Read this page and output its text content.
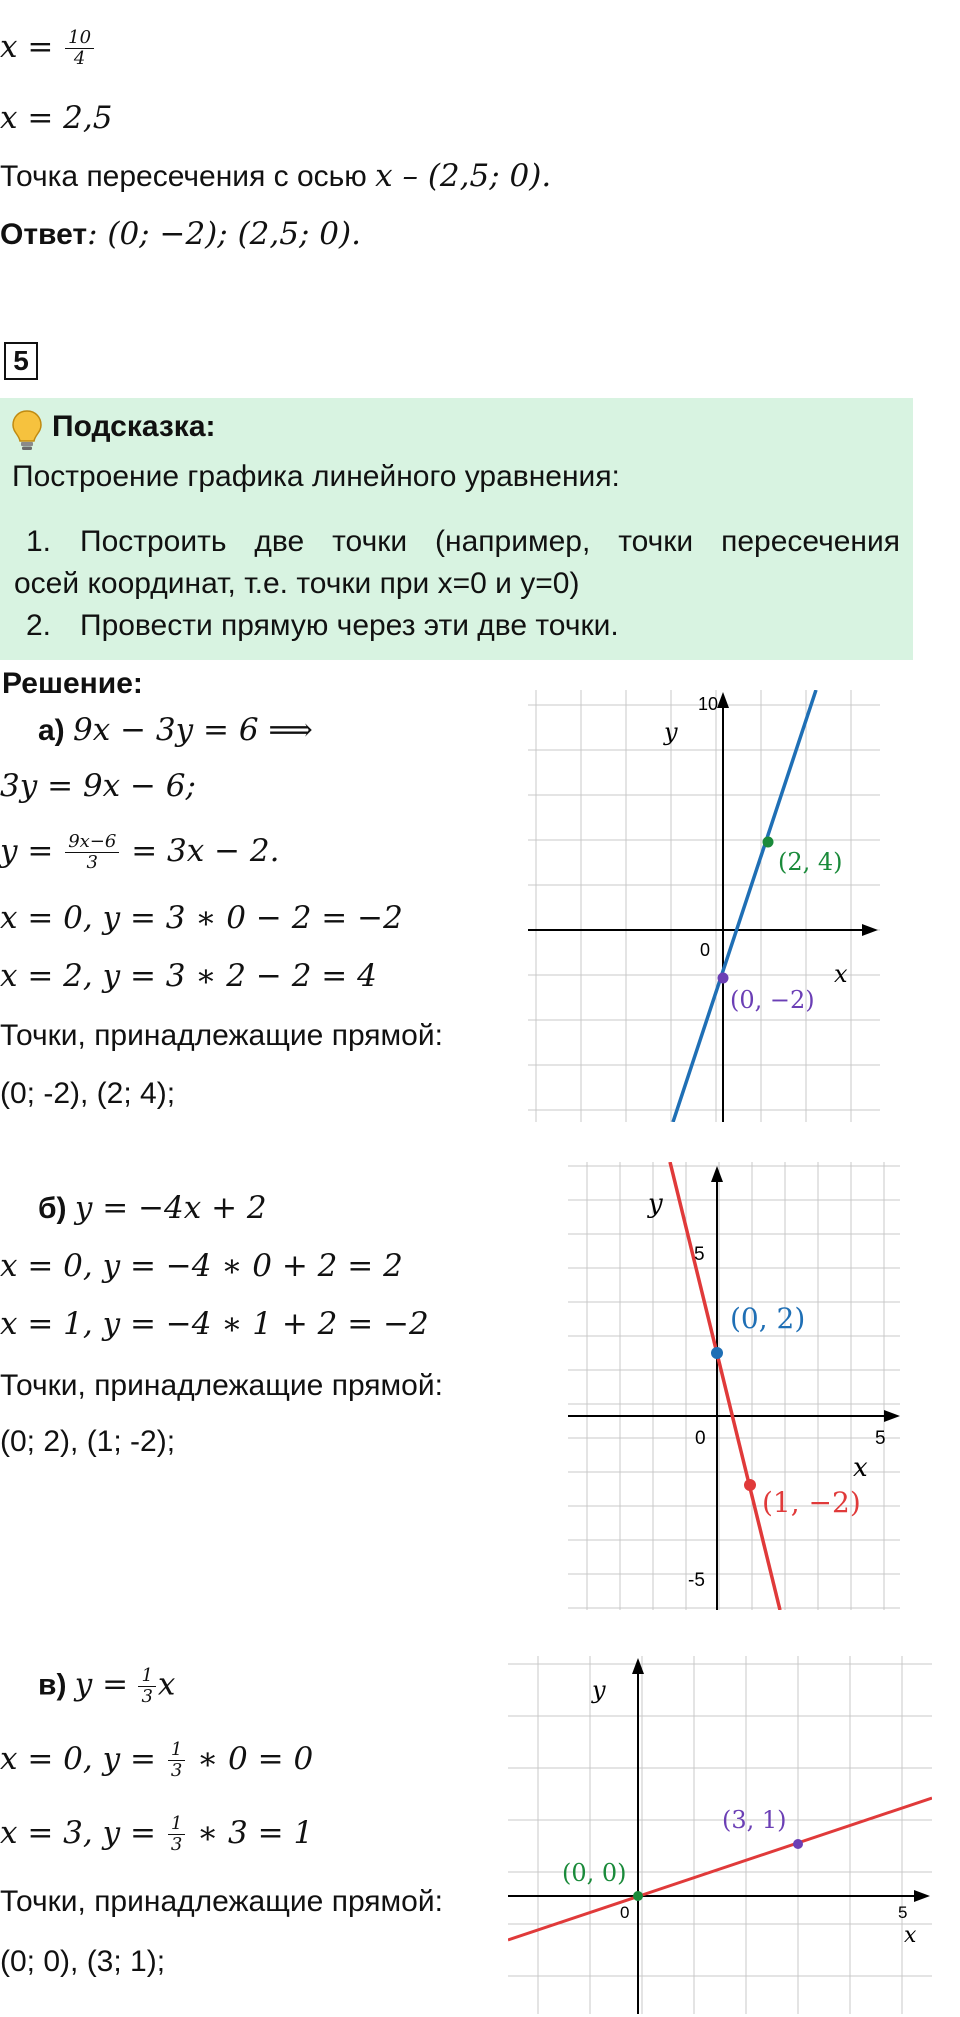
$x = \frac{10}{4}$
x = 2,5
Точка пересечения с осью x – (2,5; 0).
Ответ: (0; −2); (2,5; 0).
5
Подсказка:
Построение графика линейного уравнения:
1. Построить две точки (например, точки пересечения
осей координат, т.е. точки при x=0 и y=0)
2. Провести прямую через эти две точки.
Решение:
а) 9x − 3y = 6 ⟹
3y = 9x − 6;
$y = \frac{9x-6}{3} = 3x - 2$.
x = 0, y = 3 ∗ 0 − 2 = −2
x = 2, y = 3 ∗ 2 − 2 = 4
Точки, принадлежащие прямой:
(0; -2), (2; 4);
10
y
0
x
(2, 4)
(0, −2)
б) y = −4x + 2
x = 0, y = −4 ∗ 0 + 2 = 2
x = 1, y = −4 ∗ 1 + 2 = −2
Точки, принадлежащие прямой:
(0; 2), (1; -2);
y
5
-5
0	5
x
(0, 2)
(1, −2)
в) $y = \frac{1}{3}$ x
x = 0, $y = \frac{1}{3}$ ∗ 0 = 0
x = 3, $y = \frac{1}{3}$ ∗ 3 = 1
Точки, принадлежащие прямой:
(0; 0), (3; 1);
y
0	5
x
(0, 0)
(3, 1)
